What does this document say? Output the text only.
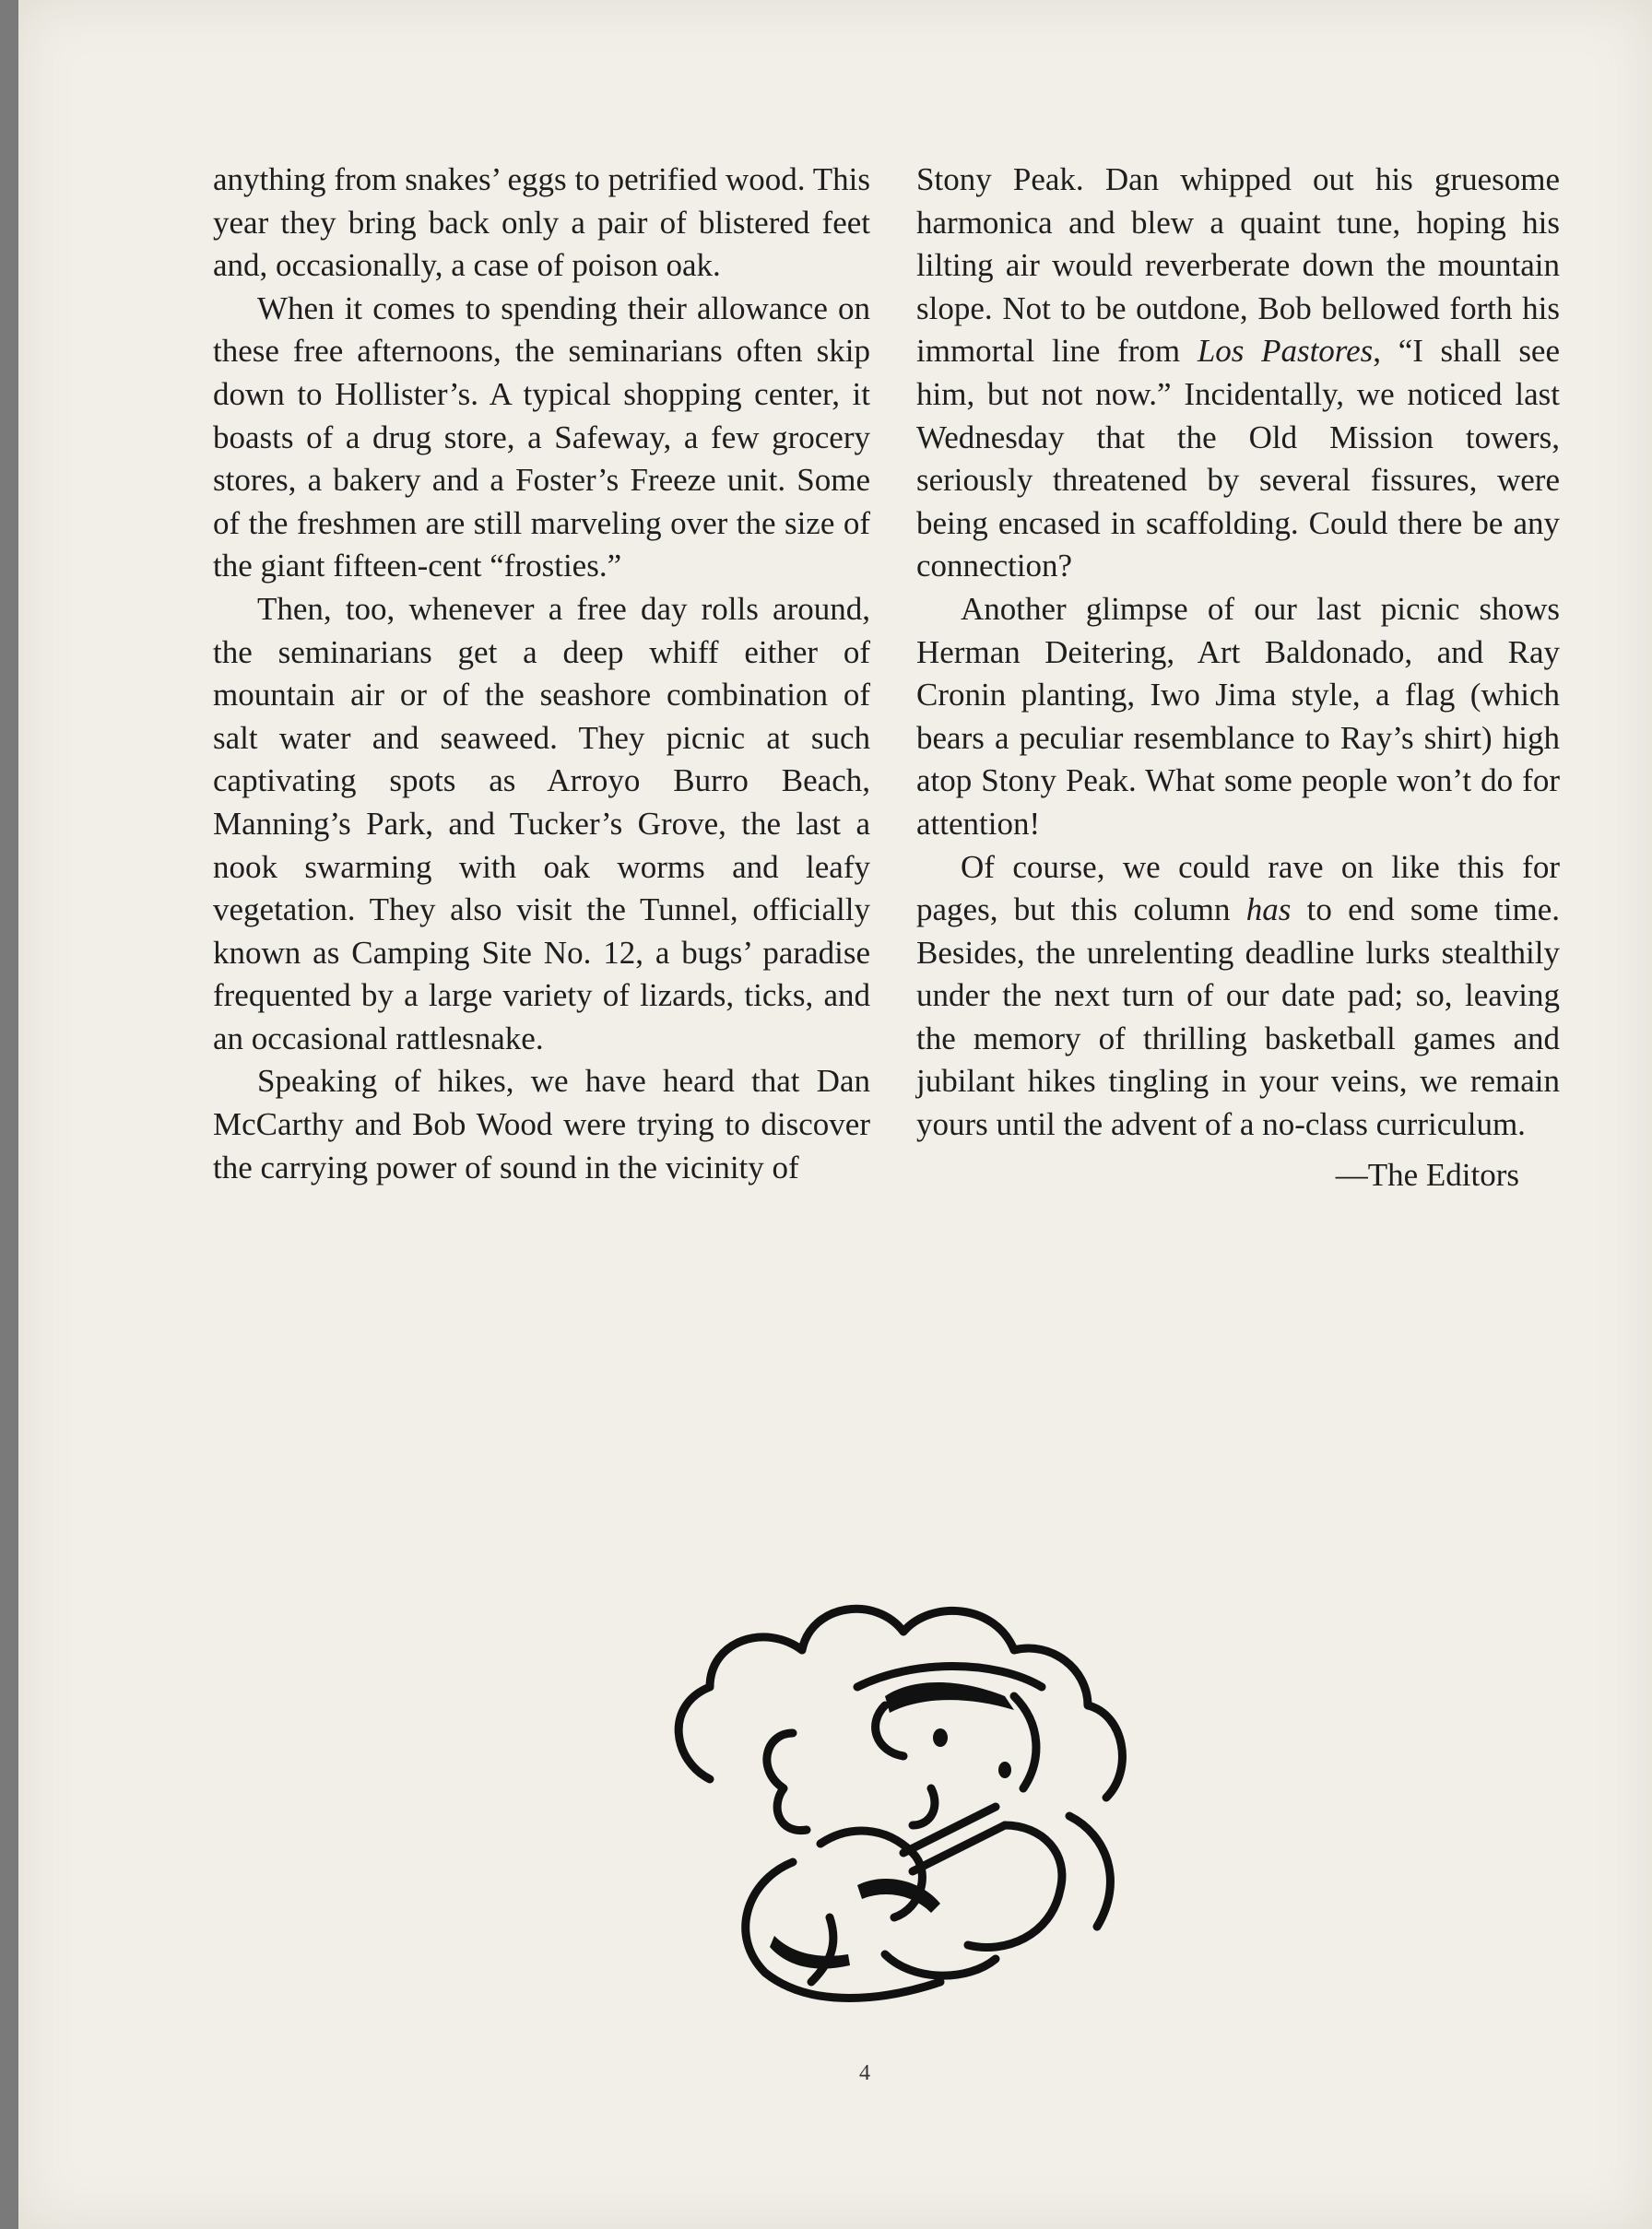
anything from snakes’ eggs to petrified wood. This year they bring back only a pair of blistered feet and, occasionally, a case of poison oak.

When it comes to spending their allowance on these free afternoons, the seminarians often skip down to Hollister’s. A typical shopping center, it boasts of a drug store, a Safeway, a few grocery stores, a bakery and a Foster’s Freeze unit. Some of the freshmen are still marveling over the size of the giant fifteen-cent “frosties.”

Then, too, whenever a free day rolls around, the seminarians get a deep whiff either of mountain air or of the seashore combination of salt water and seaweed. They picnic at such captivating spots as Arroyo Burro Beach, Manning’s Park, and Tucker’s Grove, the last a nook swarming with oak worms and leafy vegetation. They also visit the Tunnel, officially known as Camping Site No. 12, a bugs’ paradise frequented by a large variety of lizards, ticks, and an occasional rattlesnake.

Speaking of hikes, we have heard that Dan McCarthy and Bob Wood were trying to discover the carrying power of sound in the vicinity of

Stony Peak. Dan whipped out his gruesome harmonica and blew a quaint tune, hoping his lilting air would reverberate down the mountain slope. Not to be outdone, Bob bellowed forth his immortal line from Los Pastores, “I shall see him, but not now.” Incidentally, we noticed last Wednesday that the Old Mission towers, seriously threatened by several fissures, were being encased in scaffolding. Could there be any connection?

Another glimpse of our last picnic shows Herman Deitering, Art Baldonado, and Ray Cronin planting, Iwo Jima style, a flag (which bears a peculiar resemblance to Ray’s shirt) high atop Stony Peak. What some people won’t do for attention!

Of course, we could rave on like this for pages, but this column has to end some time. Besides, the unrelenting deadline lurks stealthily under the next turn of our date pad; so, leaving the memory of thrilling basketball games and jubilant hikes tingling in your veins, we remain yours until the advent of a no-class curriculum.

—The Editors

4
